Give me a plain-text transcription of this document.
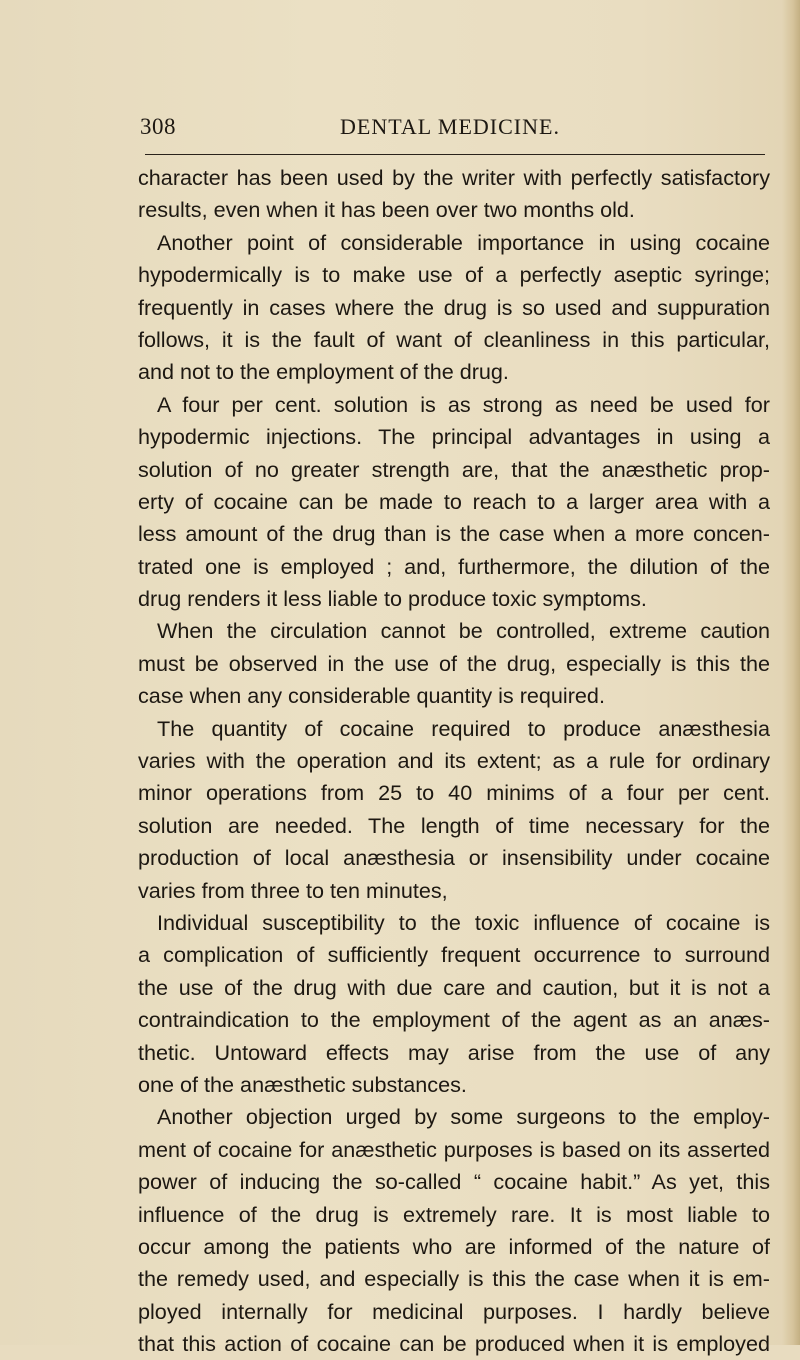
308	DENTAL MEDICINE.
character has been used by the writer with perfectly satisfactory
results, even when it has been over two months old.
Another point of considerable importance in using cocaine
hypodermically is to make use of a perfectly aseptic syringe;
frequently in cases where the drug is so used and suppuration
follows, it is the fault of want of cleanliness in this particular,
and not to the employment of the drug.
A four per cent. solution is as strong as need be used for
hypodermic injections. The principal advantages in using a
solution of no greater strength are, that the anæsthetic prop-
erty of cocaine can be made to reach to a larger area with a
less amount of the drug than is the case when a more concen-
trated one is employed ; and, furthermore, the dilution of the
drug renders it less liable to produce toxic symptoms.
When the circulation cannot be controlled, extreme caution
must be observed in the use of the drug, especially is this the
case when any considerable quantity is required.
The quantity of cocaine required to produce anæsthesia
varies with the operation and its extent; as a rule for ordinary
minor operations from 25 to 40 minims of a four per cent.
solution are needed. The length of time necessary for the
production of local anæsthesia or insensibility under cocaine
varies from three to ten minutes,
Individual susceptibility to the toxic influence of cocaine is
a complication of sufficiently frequent occurrence to surround
the use of the drug with due care and caution, but it is not a
contraindication to the employment of the agent as an anæs-
thetic. Untoward effects may arise from the use of any
one of the anæsthetic substances.
Another objection urged by some surgeons to the employ-
ment of cocaine for anæsthetic purposes is based on its asserted
power of inducing the so-called “ cocaine habit.” As yet, this
influence of the drug is extremely rare. It is most liable to
occur among the patients who are informed of the nature of
the remedy used, and especially is this the case when it is em-
ployed internally for medicinal purposes. I hardly believe
that this action of cocaine can be produced when it is employed
